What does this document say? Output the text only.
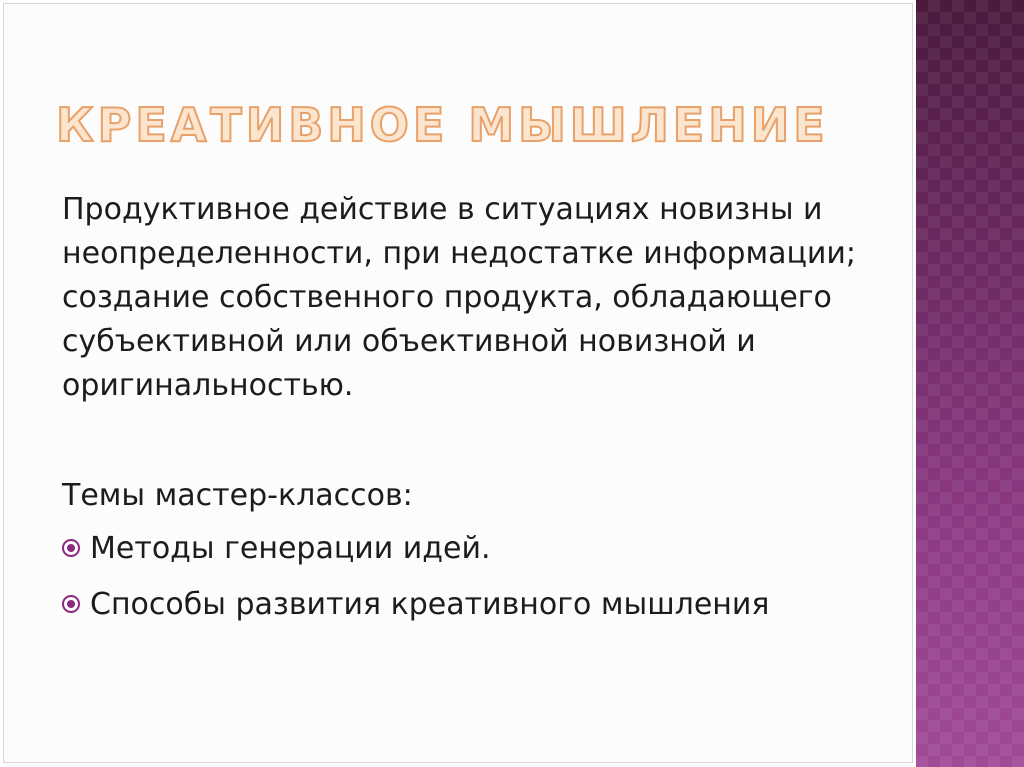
КРЕАТИВНОЕ МЫШЛЕНИЕ
Продуктивное действие в ситуациях новизны и неопределенности, при недостатке информации; создание собственного продукта, обладающего субъективной или объективной новизной и оригинальностью.
Темы мастер-классов:
Методы генерации идей.
Способы развития креативного мышления
